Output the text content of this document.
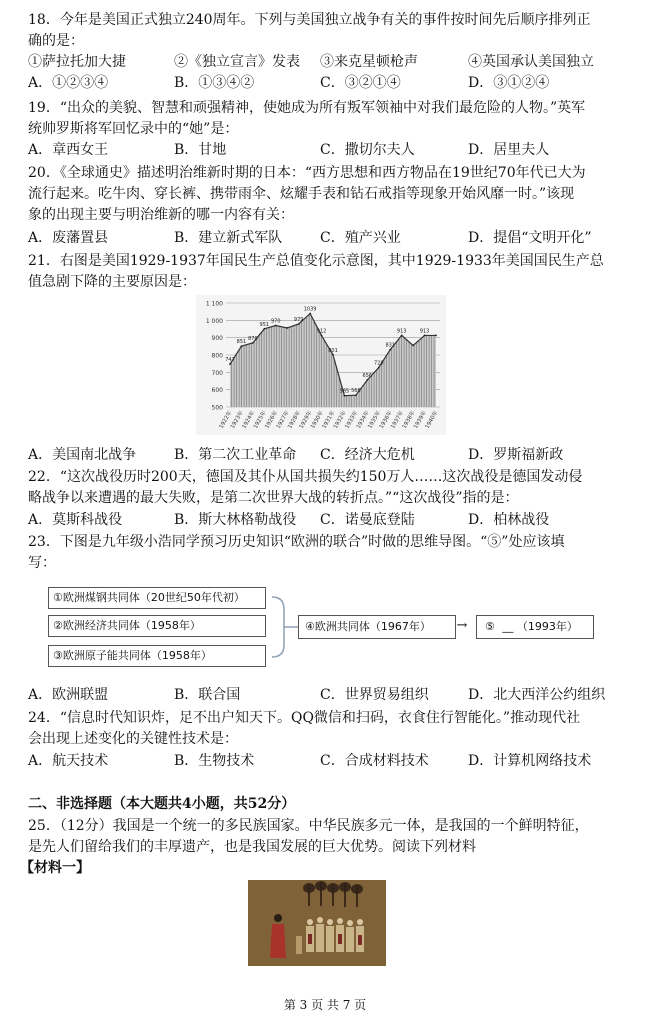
18．今年是美国正式独立240周年。下列与美国独立战争有关的事件按时间先后顺序排列正
确的是：
①萨拉托加大捷	②《独立宣言》发表 ③来克星顿枪声	④英国承认美国独立
A．①②③④	B．①③④②	C．③②①④	D．③①②④
19．“出众的美貌、智慧和顽强精神，使她成为所有叛军领袖中对我们最危险的人物。”英军
统帅罗斯将军回忆录中的“她”是：
A．章西女王	B．甘地	C．撒切尔夫人	D．居里夫人
20．《全球通史》描述明治维新时期的日本：“西方思想和西方物品在19世纪70年代已大为
流行起来。吃牛肉、穿长裤、携带雨伞、炫耀手表和钻石戒指等现象开始风靡一时。”该现
象的出现主要与明治维新的哪一内容有关：
A．废藩置县	B．建立新式军队	C．殖产兴业	D．提倡“文明开化”
21．右图是美国1929-1937年国民生产总值变化示意图，其中1929-1933年美国国民生产总
值急剧下降的主要原因是：
1 100
1 000
900
800
700
600
500
747
851
870
951
970	979
1039
912
801
565 568
656
728
831
913	913
1922年
1923年
1924年
1925年
1926年
1927年
1928年
1929年
1930年
1931年
1932年
1933年
1934年
1935年
1936年
1937年
1938年
1939年
1940年
A．美国南北战争	B．第二次工业革命 C．经济大危机	D．罗斯福新政
22．“这次战役历时200天，德国及其仆从国共损失约150万人……这次战役是德国发动侵
略战争以来遭遇的最大失败，是第二次世界大战的转折点。”“这次战役”指的是：
A．莫斯科战役	B．斯大林格勒战役 C．诺曼底登陆	D．柏林战役
23．下图是九年级小浩同学预习历史知识“欧洲的联合”时做的思维导图。“⑤”处应该填
写：
①欧洲煤钢共同体（20世纪50年代初）
②欧洲经济共同体（1958年）
③欧洲原子能共同体（1958年）
④欧洲共同体（1967年）	→	⑤ __ （1993年）
A．欧洲联盟	B．联合国	C．世界贸易组织	D．北大西洋公约组织
24．“信息时代知识炸，足不出户知天下。QQ微信和扫码，衣食住行智能化。”推动现代社
会出现上述变化的关键性技术是：
A．航天技术	B．生物技术	C．合成材料技术	D．计算机网络技术
二、非选择题（本大题共4小题，共52分）
25．（12分）我国是一个统一的多民族国家。中华民族多元一体，是我国的一个鲜明特征，
是先人们留给我们的丰厚遗产，也是我国发展的巨大优势。阅读下列材料
【材料一】
第 3 页 共 7 页
